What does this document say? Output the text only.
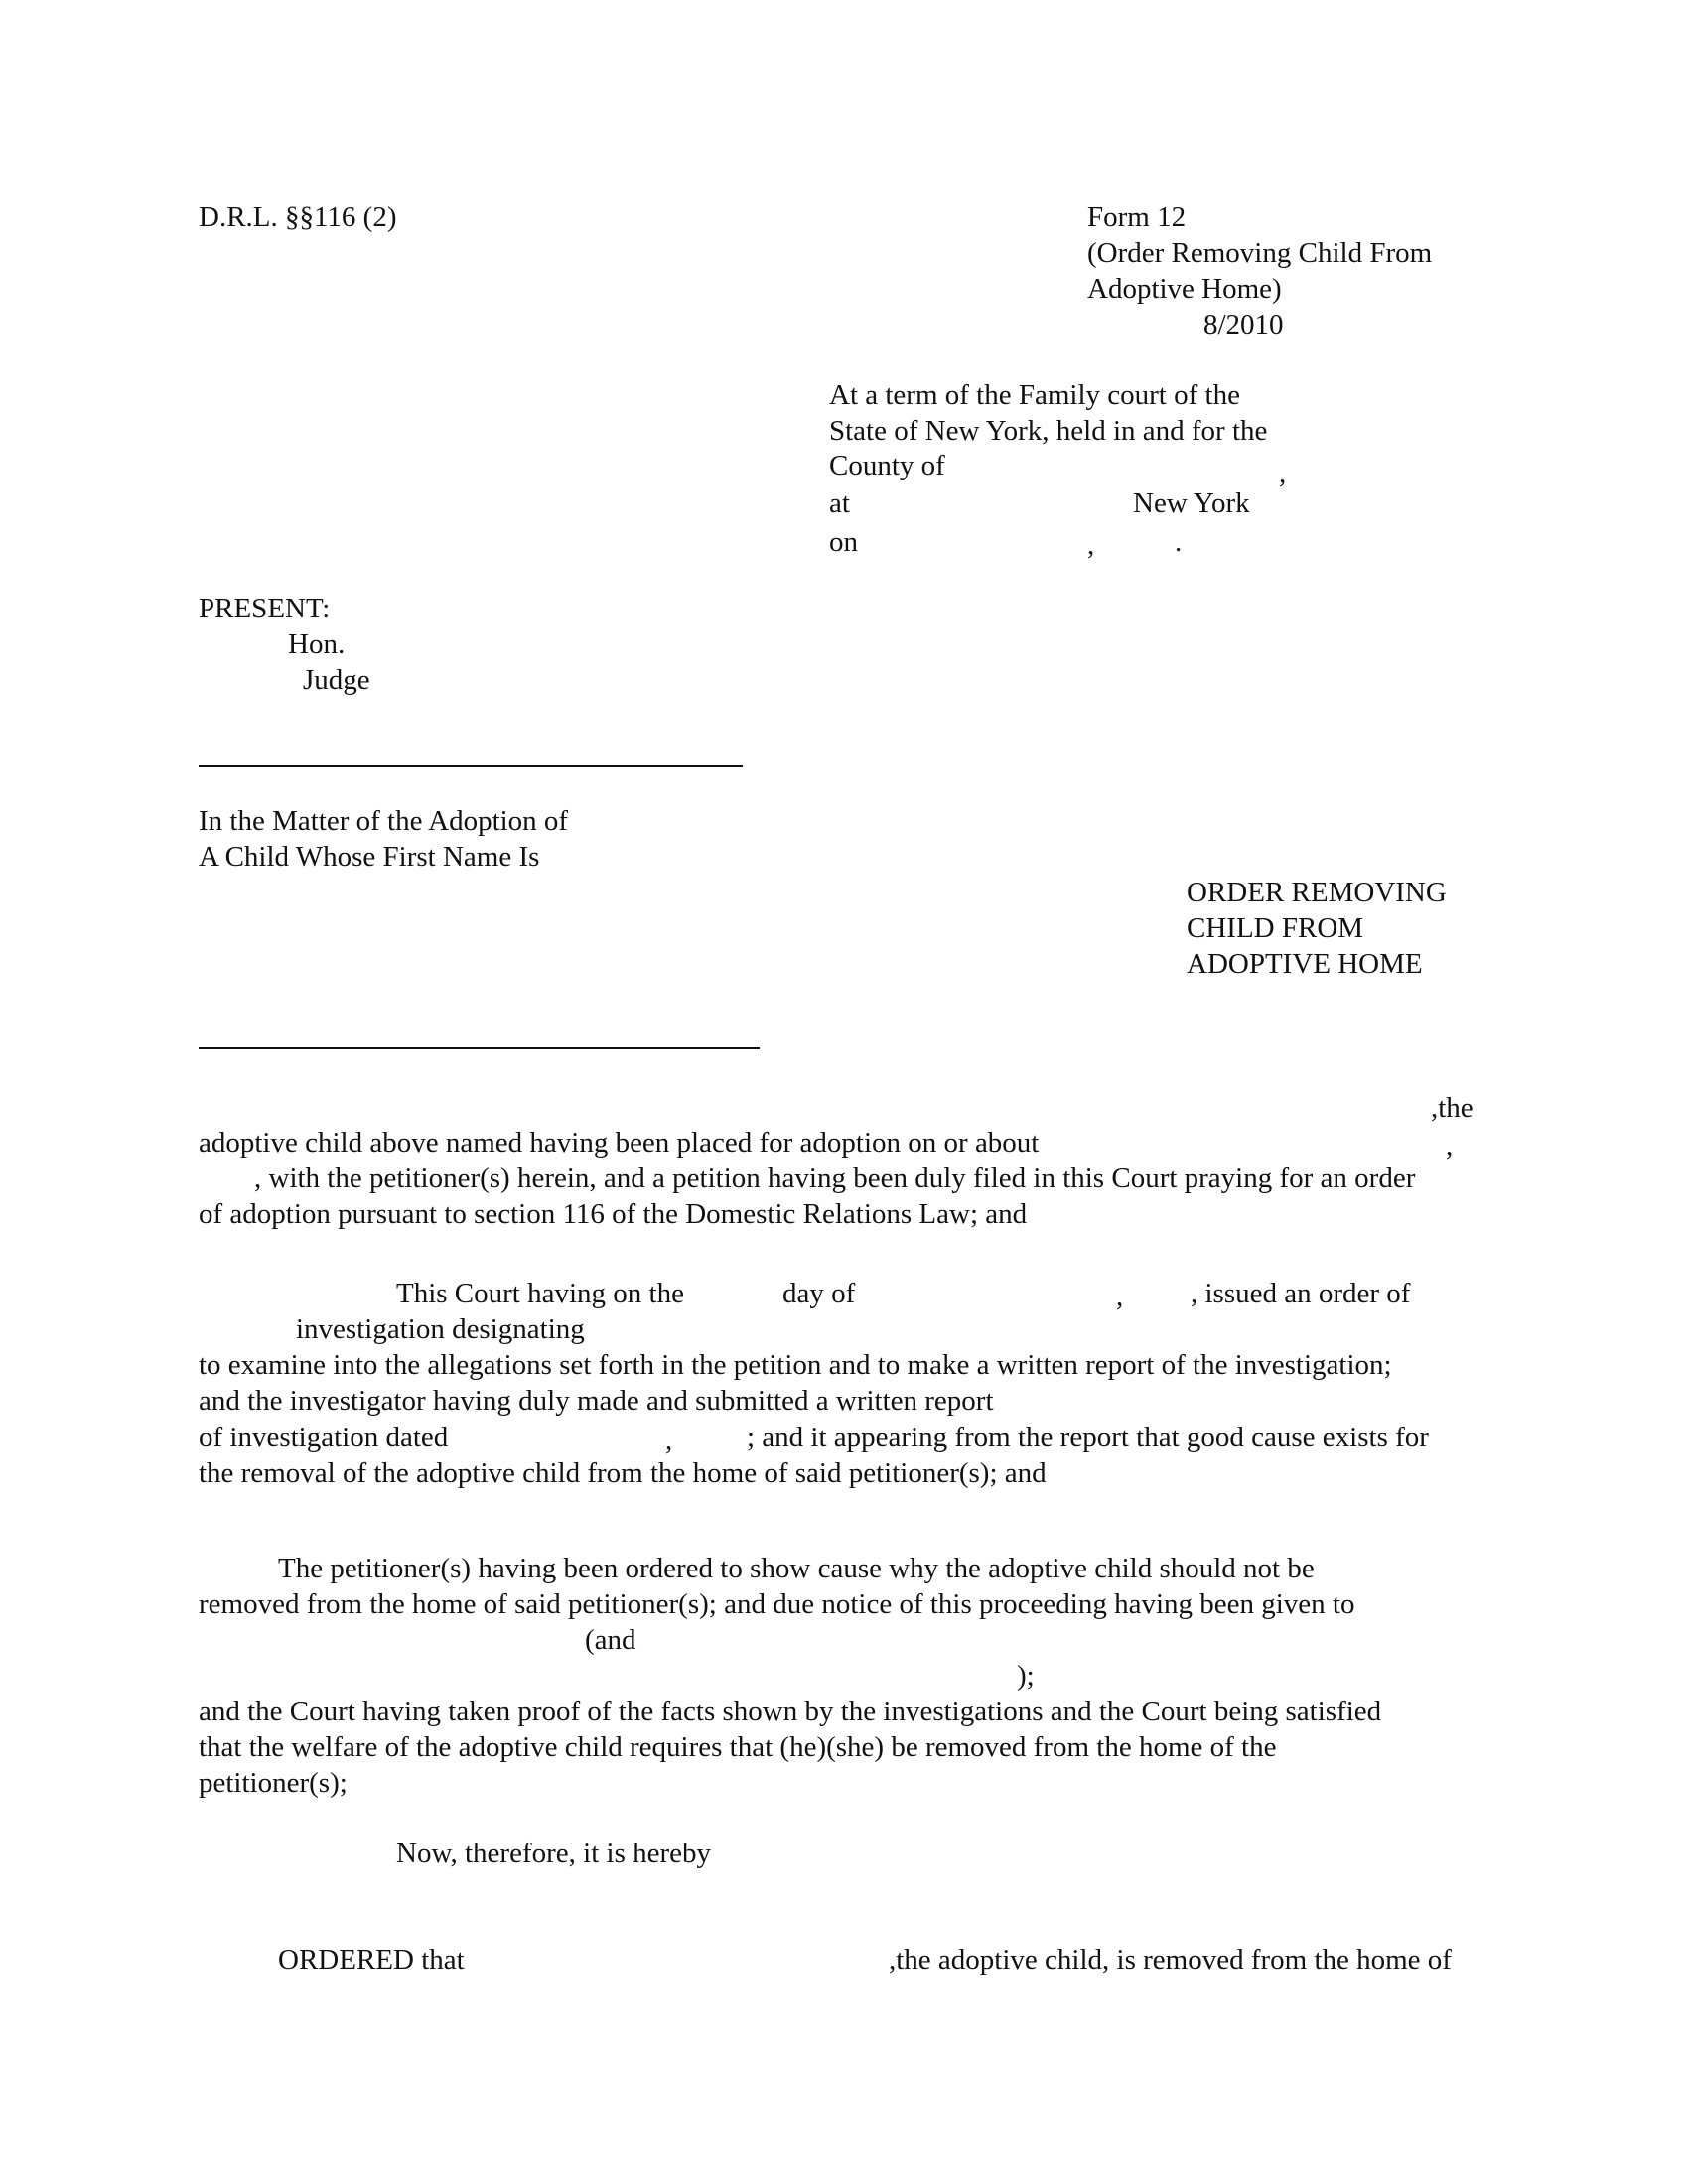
D.R.L. §§116 (2)	Form 12
(Order Removing Child From
Adoptive Home)
8/2010
At a term of the Family court of the
State of New York, held in and for the
County of	,
at	New York
on	,	.
PRESENT:
Hon.
Judge
In the Matter of the Adoption of
A Child Whose First Name Is
ORDER REMOVING
CHILD FROM
ADOPTIVE HOME
,the
adoptive child above named having been placed for adoption on or about	,
, with the petitioner(s) herein, and a petition having been duly filed in this Court praying for an order
of adoption pursuant to section 116 of the Domestic Relations Law; and
This Court having on the	day of	, , issued an order of
investigation designating
to examine into the allegations set forth in the petition and to make a written report of the investigation;
and the investigator having duly made and submitted a written report
of investigation dated	,	; and it appearing from the report that good cause exists for
the removal of the adoptive child from the home of said petitioner(s); and
The petitioner(s) having been ordered to show cause why the adoptive child should not be
removed from the home of said petitioner(s); and due notice of this proceeding having been given to
(and
);
and the Court having taken proof of the facts shown by the investigations and the Court being satisfied
that the welfare of the adoptive child requires that (he)(she) be removed from the home of the
petitioner(s);
Now, therefore, it is hereby
ORDERED that	,the adoptive child, is removed from the home of
